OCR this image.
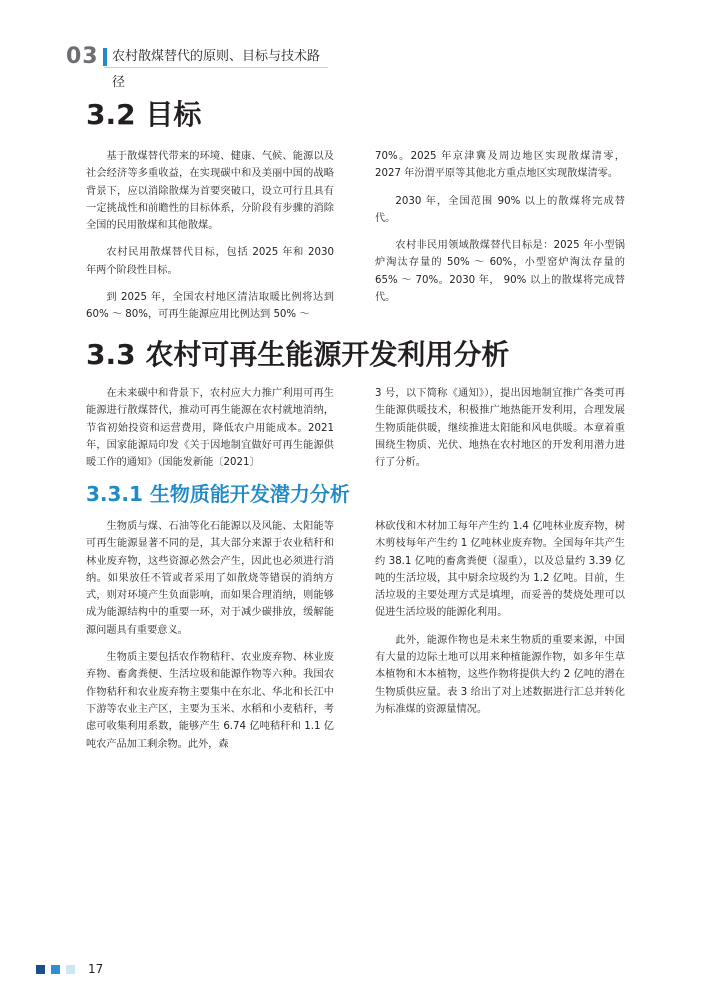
03 农村散煤替代的原则、目标与技术路径
3.2 目标

基于散煤替代带来的环境、健康、气候、能源以及社会经济等多重收益，在实现碳中和及美丽中国的战略背景下，应以消除散煤为首要突破口，设立可行且具有一定挑战性和前瞻性的目标体系，分阶段有步骤的消除全国的民用散煤和其他散煤。

农村民用散煤替代目标，包括 2025 年和 2030 年两个阶段性目标。

到 2025 年，全国农村地区清洁取暖比例将达到 60% ～ 80%，可再生能源应用比例达到 50% ～

70%。2025 年京津冀及周边地区实现散煤清零，2027 年汾渭平原等其他北方重点地区实现散煤清零。

2030 年，全国范围 90% 以上的散煤将完成替代。

农村非民用领域散煤替代目标是：2025 年小型锅炉淘汰存量的 50% ～ 60%，小型窑炉淘汰存量的 65% ～ 70%。2030 年， 90% 以上的散煤将完成替代。

3.3 农村可再生能源开发利用分析

在未来碳中和背景下，农村应大力推广利用可再生能源进行散煤替代，推动可再生能源在农村就地消纳，节省初始投资和运营费用，降低农户用能成本。2021 年，国家能源局印发《关于因地制宜做好可再生能源供暖工作的通知》（国能发新能〔2021〕

3 号，以下简称《通知》），提出因地制宜推广各类可再生能源供暖技术，积极推广地热能开发利用，合理发展生物质能供暖，继续推进太阳能和风电供暖。本章着重围绕生物质、光伏、地热在农村地区的开发利用潜力进行了分析。

3.3.1 生物质能开发潜力分析

生物质与煤、石油等化石能源以及风能、太阳能等可再生能源显著不同的是，其大部分来源于农业秸秆和林业废弃物，这些资源必然会产生，因此也必须进行消纳。如果放任不管或者采用了如散烧等错误的消纳方式，则对环境产生负面影响，而如果合理消纳，则能够成为能源结构中的重要一环，对于减少碳排放，缓解能源问题具有重要意义。

生物质主要包括农作物秸秆、农业废弃物、林业废弃物、畜禽粪便、生活垃圾和能源作物等六种。我国农作物秸秆和农业废弃物主要集中在东北、华北和长江中下游等农业主产区，主要为玉米、水稻和小麦秸秆，考虑可收集利用系数，能够产生 6.74 亿吨秸秆和 1.1 亿吨农产品加工剩余物。此外，森

林砍伐和木材加工每年产生约 1.4 亿吨林业废弃物，树木剪枝每年产生约 1 亿吨林业废弃物。全国每年共产生约 38.1 亿吨的畜禽粪便（湿重），以及总量约 3.39 亿吨的生活垃圾，其中厨余垃圾约为 1.2 亿吨。目前，生活垃圾的主要处理方式是填埋，而妥善的焚烧处理可以促进生活垃圾的能源化利用。

此外，能源作物也是未来生物质的重要来源，中国有大量的边际土地可以用来种植能源作物，如多年生草本植物和木本植物，这些作物将提供大约 2 亿吨的潜在生物质供应量。表 3 给出了对上述数据进行汇总并转化为标准煤的资源量情况。

17
